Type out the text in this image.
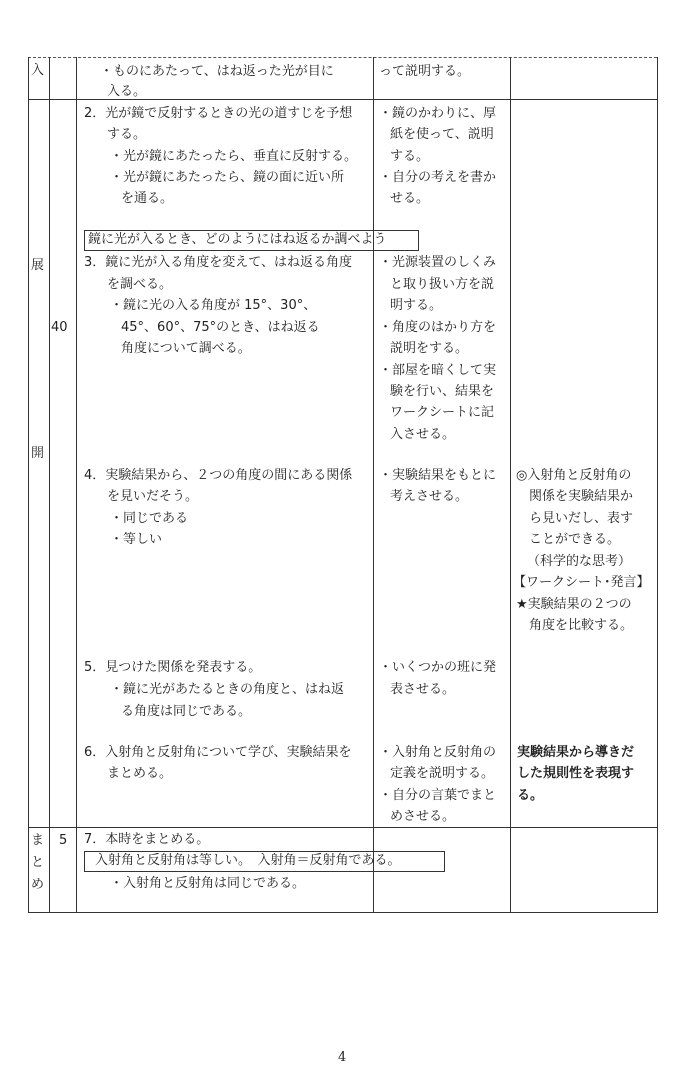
入
展
開
ま
と
め
40
5
・ものにあたって、はね返った光が目に
入る。
2．光が鏡で反射するときの光の道すじを予想
する。
・光が鏡にあたったら、垂直に反射する。
・光が鏡にあたったら、鏡の面に近い所
を通る。
鏡に光が入るとき、どのようにはね返るか調べよう
3．鏡に光が入る角度を変えて、はね返る角度
を調べる。
・鏡に光の入る角度が 15°、30°、
45°、60°、75°のとき、はね返る
角度について調べる。
4．実験結果から、２つの角度の間にある関係
を見いだそう。
・同じである
・等しい
5．見つけた関係を発表する。
・鏡に光があたるときの角度と、はね返
る角度は同じである。
6．入射角と反射角について学び、実験結果を
まとめる。
7．本時をまとめる。
入射角と反射角は等しい。　入射角＝反射角である。
・入射角と反射角は同じである。
って説明する。
・鏡のかわりに、厚
紙を使って、説明
する。
・自分の考えを書か
せる。
・光源装置のしくみ
と取り扱い方を説
明する。
・角度のはかり方を
説明をする。
・部屋を暗くして実
験を行い、結果を
ワークシートに記
入させる。
・実験結果をもとに
考えさせる。
・いくつかの班に発
表させる。
・入射角と反射角の
定義を説明する。
・自分の言葉でまと
めさせる。
◎入射角と反射角の
関係を実験結果か
ら見いだし、表す
ことができる。
（科学的な思考）
【ワークシート･発言】
★実験結果の２つの
角度を比較する。
実験結果から導きだ
した規則性を表現す
る。
4
